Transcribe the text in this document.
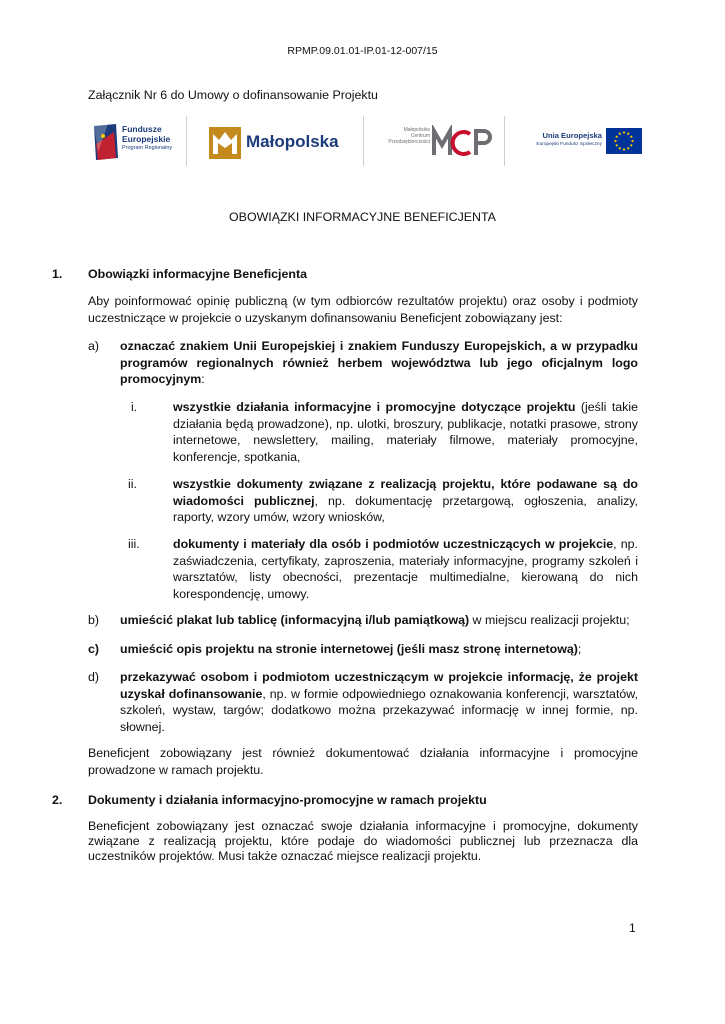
RPMP.09.01.01-IP.01-12-007/15
Załącznik Nr 6 do Umowy o dofinansowanie Projektu
Fundusze
Europejskie
Program Regionalny	Małopolska
Małopolskie
Centrum
Przedsiębiorczości
Unia Europejska
Europejski Fundusz Społeczny
OBOWIĄZKI INFORMACYJNE BENEFICJENTA
1. Obowiązki informacyjne Beneficjenta
Aby poinformować opinię publiczną (w tym odbiorców rezultatów projektu) oraz osoby i podmioty uczestniczące w projekcie o uzyskanym dofinansowaniu Beneficjent zobowiązany jest:
a) oznaczać znakiem Unii Europejskiej i znakiem Funduszy Europejskich, a w przypadku programów regionalnych również herbem województwa lub jego oficjalnym logo promocyjnym:
i.	wszystkie działania informacyjne i promocyjne dotyczące projektu (jeśli takie działania będą prowadzone), np. ulotki, broszury, publikacje, notatki prasowe, strony internetowe, newslettery, mailing, materiały filmowe, materiały promocyjne, konferencje, spotkania,
ii.	wszystkie dokumenty związane z realizacją projektu, które podawane są do wiadomości publicznej, np. dokumentację przetargową, ogłoszenia, analizy, raporty, wzory umów, wzory wniosków,
iii.	dokumenty i materiały dla osób i podmiotów uczestniczących w projekcie, np. zaświadczenia, certyfikaty, zaproszenia, materiały informacyjne, programy szkoleń i warsztatów, listy obecności, prezentacje multimedialne, kierowaną do nich korespondencję, umowy.
b) umieścić plakat lub tablicę (informacyjną i/lub pamiątkową) w miejscu realizacji projektu;
c) umieścić opis projektu na stronie internetowej (jeśli masz stronę internetową);
d) przekazywać osobom i podmiotom uczestniczącym w projekcie informację, że projekt uzyskał dofinansowanie, np. w formie odpowiedniego oznakowania konferencji, warsztatów, szkoleń, wystaw, targów; dodatkowo można przekazywać informację w innej formie, np. słownej.
Beneficjent zobowiązany jest również dokumentować działania informacyjne i promocyjne prowadzone w ramach projektu.
2. Dokumenty i działania informacyjno-promocyjne w ramach projektu
Beneficjent zobowiązany jest oznaczać swoje działania informacyjne i promocyjne, dokumenty związane z realizacją projektu, które podaje do wiadomości publicznej lub przeznacza dla uczestników projektów. Musi także oznaczać miejsce realizacji projektu.
1
